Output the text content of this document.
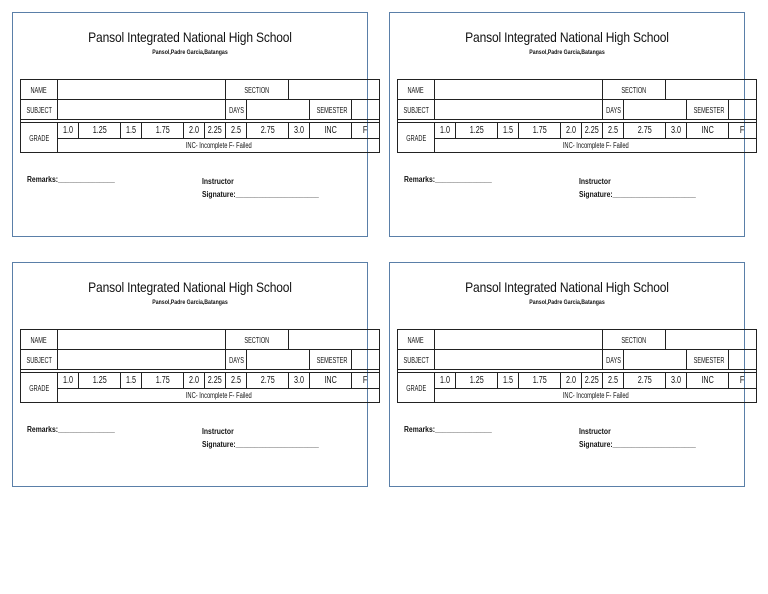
Pansol Integrated National High School
Pansol,Padre Garcia,Batangas
NAME							SECTION				
SUBJECT							DAYS			SEMESTER	

GRADE	1.0	1.25	1.5	1.75	2.0	2.25	2.5	2.75	3.0	INC	F
	INC- Incomplete F- Failed										
Remarks:_______________	Instructor
Signature:______________________
Pansol Integrated National High School
Pansol,Padre Garcia,Batangas
NAME							SECTION				
SUBJECT							DAYS			SEMESTER	

GRADE	1.0	1.25	1.5	1.75	2.0	2.25	2.5	2.75	3.0	INC	F
	INC- Incomplete F- Failed										
Remarks:_______________	Instructor
Signature:______________________
Pansol Integrated National High School
Pansol,Padre Garcia,Batangas
NAME							SECTION				
SUBJECT							DAYS			SEMESTER	

GRADE	1.0	1.25	1.5	1.75	2.0	2.25	2.5	2.75	3.0	INC	F
	INC- Incomplete F- Failed										
Remarks:_______________	Instructor
Signature:______________________
Pansol Integrated National High School
Pansol,Padre Garcia,Batangas
NAME							SECTION				
SUBJECT							DAYS			SEMESTER	

GRADE	1.0	1.25	1.5	1.75	2.0	2.25	2.5	2.75	3.0	INC	F
	INC- Incomplete F- Failed										
Remarks:_______________	Instructor
Signature:______________________
